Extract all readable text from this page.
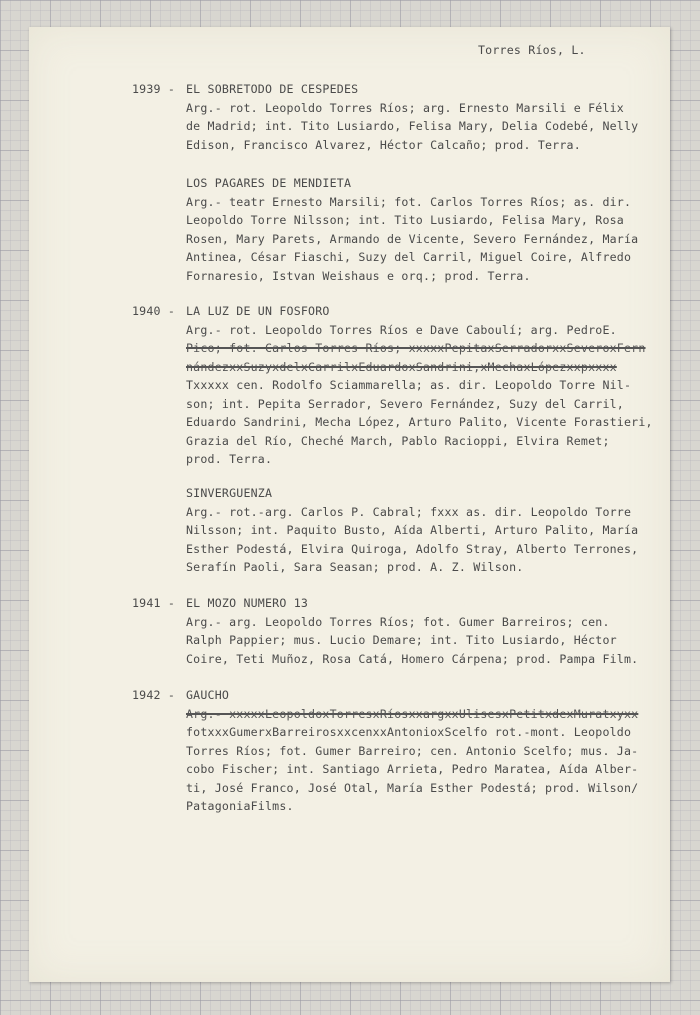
Torres Ríos, L.
1939 - EL SOBRETODO DE CESPEDES
Arg.- rot. Leopoldo Torres Ríos; arg. Ernesto Marsili e Félix
de Madrid; int. Tito Lusiardo, Felisa Mary, Delia Codebé, Nelly
Edison, Francisco Alvarez, Héctor Calcaño; prod. Terra.
LOS PAGARES DE MENDIETA
Arg.- teatr Ernesto Marsili; fot. Carlos Torres Ríos; as. dir.
Leopoldo Torre Nilsson; int. Tito Lusiardo, Felisa Mary, Rosa
Rosen, Mary Parets, Armando de Vicente, Severo Fernández, María
Antinea, César Fiaschi, Suzy del Carril, Miguel Coire, Alfredo
Fornaresio, Istvan Weishaus e orq.; prod. Terra.
1940 - LA LUZ DE UN FOSFORO
Arg.- rot. Leopoldo Torres Ríos e Dave Caboulí; arg. PedroE.
Pico; fot. Carlos Torres Ríos; xxxxxPepitaxSerradorxxSeveroxFern
nándezxxSuzyxdelxCarrilxEduardoxSandrini,xMechaxLópezxxpxxxx
Txxxxx cen. Rodolfo Sciammarella; as. dir. Leopoldo Torre Nil-
son; int. Pepita Serrador, Severo Fernández, Suzy del Carril,
Eduardo Sandrini, Mecha López, Arturo Palito, Vicente Forastieri,
Grazia del Río, Cheché March, Pablo Racioppi, Elvira Remet;
prod. Terra.
SINVERGUENZA
Arg.- rot.-arg. Carlos P. Cabral; fxxx as. dir. Leopoldo Torre
Nilsson; int. Paquito Busto, Aída Alberti, Arturo Palito, María
Esther Podestá, Elvira Quiroga, Adolfo Stray, Alberto Terrones,
Serafín Paoli, Sara Seasan; prod. A. Z. Wilson.
1941 - EL MOZO NUMERO 13
Arg.- arg. Leopoldo Torres Ríos; fot. Gumer Barreiros; cen.
Ralph Pappier; mus. Lucio Demare; int. Tito Lusiardo, Héctor
Coire, Teti Muñoz, Rosa Catá, Homero Cárpena; prod. Pampa Film.
1942 - GAUCHO
Arg.- xxxxxLeopoldoxTorresxRíosxxargxxUlisesxPetitxdexMuratxyxx
fotxxxGumerxBarreirosxxcenxxAntonioxScelfo rot.-mont. Leopoldo
Torres Ríos; fot. Gumer Barreiro; cen. Antonio Scelfo; mus. Ja-
cobo Fischer; int. Santiago Arrieta, Pedro Maratea, Aída Alber-
ti, José Franco, José Otal, María Esther Podestá; prod. Wilson/
PatagoniaFilms.
